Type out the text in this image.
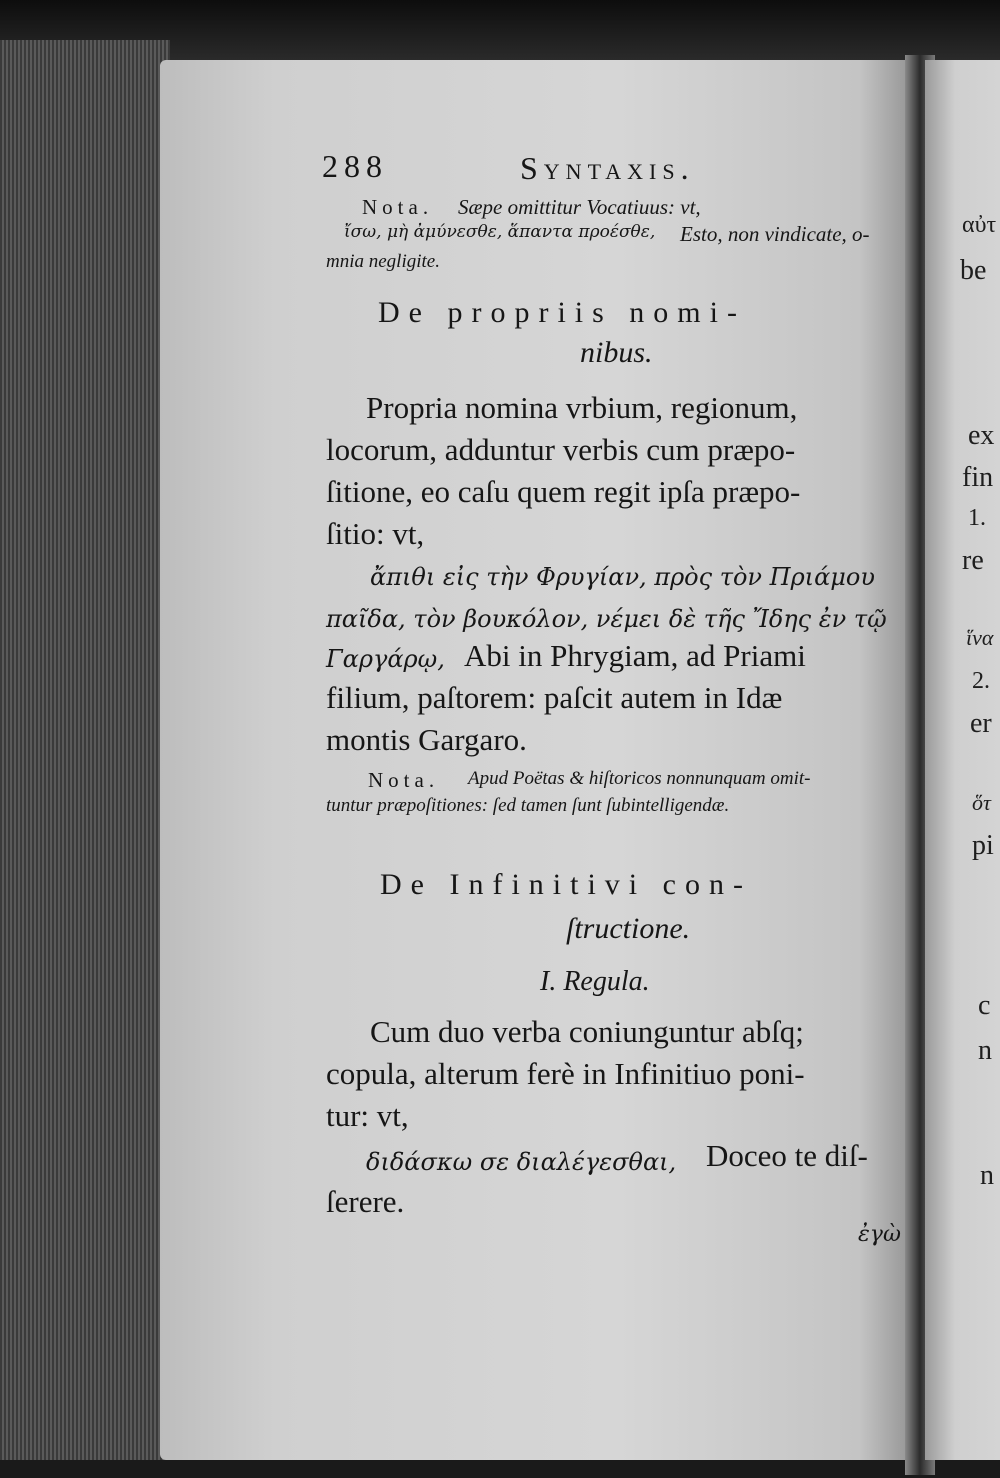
288	Syntaxis.
Nota. Sæpe omittitur Vocatiuus: vt,
ἴσω, μὴ ἀμύνεσθε, ἅπαντα προέσθε, Esto, non vindicate, o-
mnia negligite.
De propriis nomi-
nibus.
Propria nomina vrbium, regionum,
locorum, adduntur verbis cum præpo-
ſitione, eo caſu quem regit ipſa præpo-
ſitio: vt,
ἄπιθι εἰς τὴν Φρυγίαν, πρὸς τὸν Πριάμου
παῖδα, τὸν βουκόλον, νέμει δὲ τῆς Ἴδης ἐν τῷ
Γαργάρῳ, Abi in Phrygiam, ad Priami
filium, paſtorem: paſcit autem in Idæ
montis Gargaro.
Nota. Apud Poëtas & hiſtoricos nonnunquam omit-
tuntur præpoſitiones: ſed tamen ſunt ſubintelligendæ.
De Infinitivi con-
ſtructione.
I. Regula.
Cum duo verba coniunguntur abſq;
copula, alterum ferè in Infinitiuo poni-
tur: vt,
διδάσκω σε διαλέγεσθαι, Doceo te diſ-
ſerere.
ἐγὼ
αὐτ
be
ex
fin
1.
re
ἵνα
2.
er
ὅτ
pi
c
n
n
